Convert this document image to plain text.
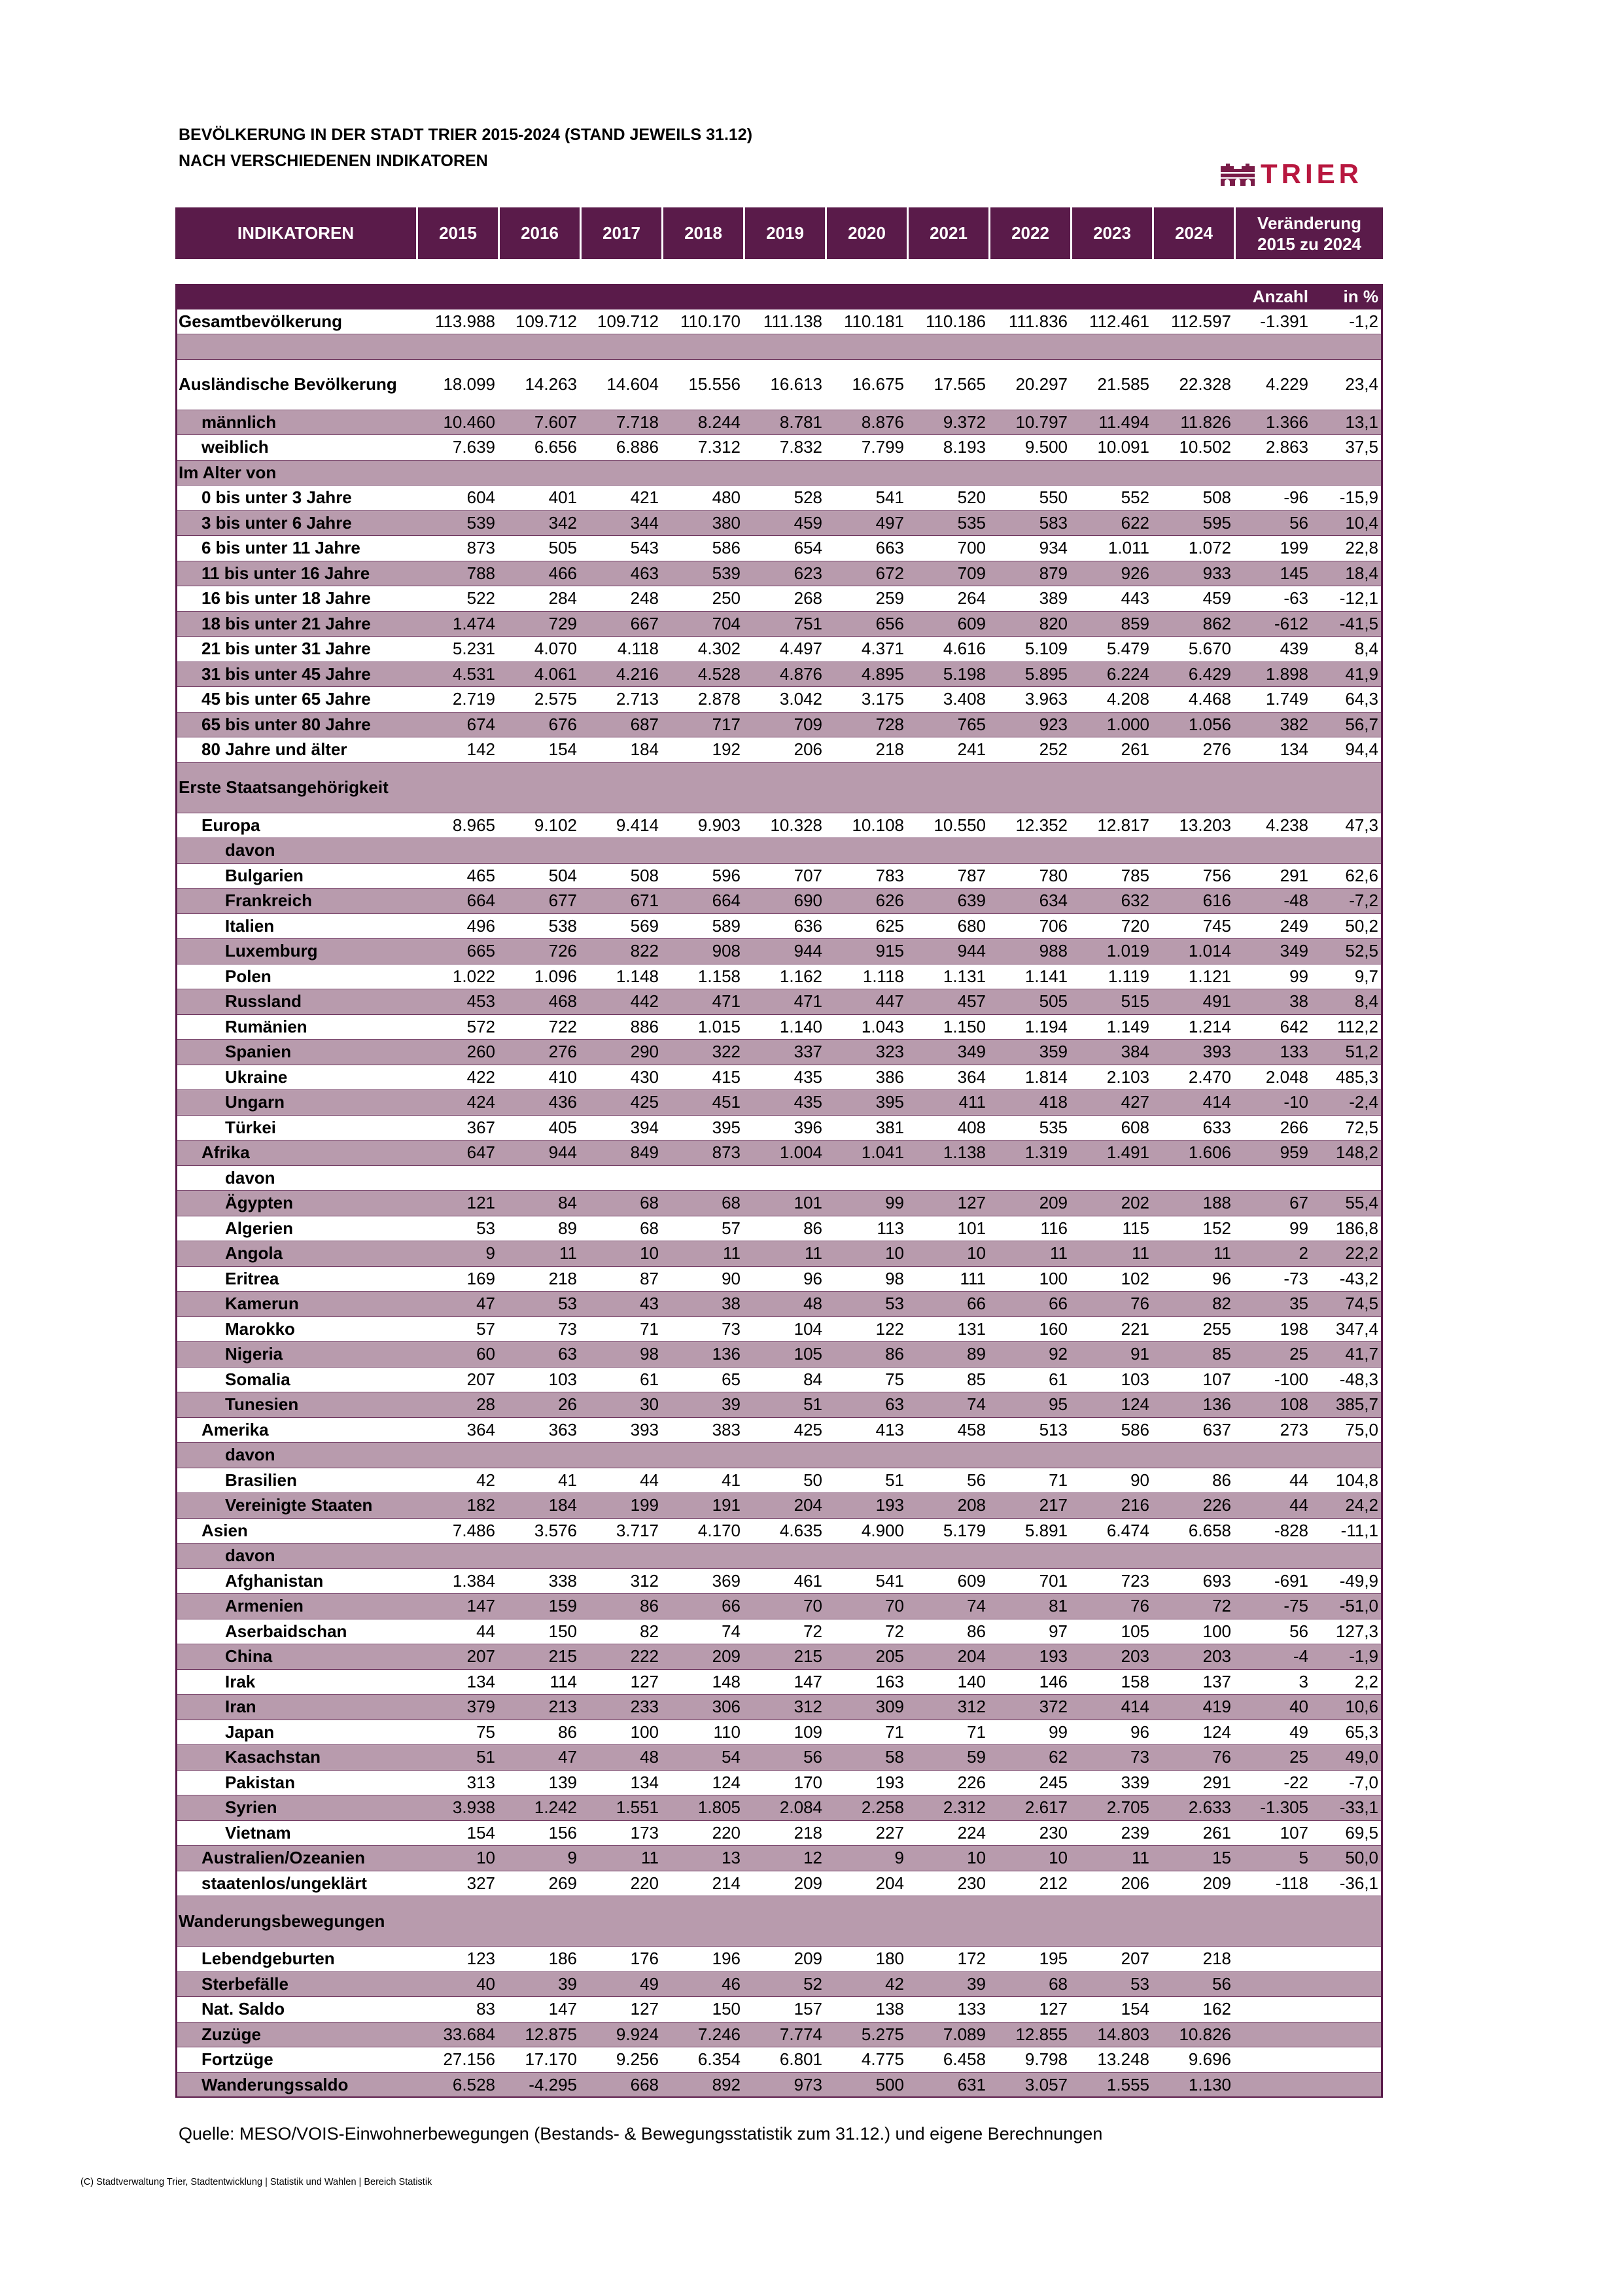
BEVÖLKERUNG IN DER STADT TRIER 2015-2024 (STAND JEWEILS 31.12)
NACH VERSCHIEDENEN INDIKATOREN	TRIER
INDIKATOREN	2015	2016	2017	2018	2019	2020	2021	2022	2023	2024
Veränderung
2015 zu 2024
Anzahl	in %
Gesamtbevölkerung	113.988	109.712	109.712	110.170	111.138	110.181	110.186	111.836	112.461	112.597	-1.391	-1,2
Ausländische Bevölkerung	18.099	14.263	14.604	15.556	16.613	16.675	17.565	20.297	21.585	22.328	4.229	23,4
männlich	10.460	7.607	7.718	8.244	8.781	8.876	9.372	10.797	11.494	11.826	1.366	13,1
weiblich	7.639	6.656	6.886	7.312	7.832	7.799	8.193	9.500	10.091	10.502	2.863	37,5
Im Alter von
0 bis unter 3 Jahre	604	401	421	480	528	541	520	550	552	508	-96	-15,9
3 bis unter 6 Jahre	539	342	344	380	459	497	535	583	622	595	56	10,4
6 bis unter 11 Jahre	873	505	543	586	654	663	700	934	1.011	1.072	199	22,8
11 bis unter 16 Jahre	788	466	463	539	623	672	709	879	926	933	145	18,4
16 bis unter 18 Jahre	522	284	248	250	268	259	264	389	443	459	-63	-12,1
18 bis unter 21 Jahre	1.474	729	667	704	751	656	609	820	859	862	-612	-41,5
21 bis unter 31 Jahre	5.231	4.070	4.118	4.302	4.497	4.371	4.616	5.109	5.479	5.670	439	8,4
31 bis unter 45 Jahre	4.531	4.061	4.216	4.528	4.876	4.895	5.198	5.895	6.224	6.429	1.898	41,9
45 bis unter 65 Jahre	2.719	2.575	2.713	2.878	3.042	3.175	3.408	3.963	4.208	4.468	1.749	64,3
65 bis unter 80 Jahre	674	676	687	717	709	728	765	923	1.000	1.056	382	56,7
80 Jahre und älter	142	154	184	192	206	218	241	252	261	276	134	94,4
Erste Staatsangehörigkeit
Europa	8.965	9.102	9.414	9.903	10.328	10.108	10.550	12.352	12.817	13.203	4.238	47,3
davon
Bulgarien	465	504	508	596	707	783	787	780	785	756	291	62,6
Frankreich	664	677	671	664	690	626	639	634	632	616	-48	-7,2
Italien	496	538	569	589	636	625	680	706	720	745	249	50,2
Luxemburg	665	726	822	908	944	915	944	988	1.019	1.014	349	52,5
Polen	1.022	1.096	1.148	1.158	1.162	1.118	1.131	1.141	1.119	1.121	99	9,7
Russland	453	468	442	471	471	447	457	505	515	491	38	8,4
Rumänien	572	722	886	1.015	1.140	1.043	1.150	1.194	1.149	1.214	642	112,2
Spanien	260	276	290	322	337	323	349	359	384	393	133	51,2
Ukraine	422	410	430	415	435	386	364	1.814	2.103	2.470	2.048	485,3
Ungarn	424	436	425	451	435	395	411	418	427	414	-10	-2,4
Türkei	367	405	394	395	396	381	408	535	608	633	266	72,5
Afrika	647	944	849	873	1.004	1.041	1.138	1.319	1.491	1.606	959	148,2
davon
Ägypten	121	84	68	68	101	99	127	209	202	188	67	55,4
Algerien	53	89	68	57	86	113	101	116	115	152	99	186,8
Angola	9	11	10	11	11	10	10	11	11	11	2	22,2
Eritrea	169	218	87	90	96	98	111	100	102	96	-73	-43,2
Kamerun	47	53	43	38	48	53	66	66	76	82	35	74,5
Marokko	57	73	71	73	104	122	131	160	221	255	198	347,4
Nigeria	60	63	98	136	105	86	89	92	91	85	25	41,7
Somalia	207	103	61	65	84	75	85	61	103	107	-100	-48,3
Tunesien	28	26	30	39	51	63	74	95	124	136	108	385,7
Amerika	364	363	393	383	425	413	458	513	586	637	273	75,0
davon
Brasilien	42	41	44	41	50	51	56	71	90	86	44	104,8
Vereinigte Staaten	182	184	199	191	204	193	208	217	216	226	44	24,2
Asien	7.486	3.576	3.717	4.170	4.635	4.900	5.179	5.891	6.474	6.658	-828	-11,1
davon
Afghanistan	1.384	338	312	369	461	541	609	701	723	693	-691	-49,9
Armenien	147	159	86	66	70	70	74	81	76	72	-75	-51,0
Aserbaidschan	44	150	82	74	72	72	86	97	105	100	56	127,3
China	207	215	222	209	215	205	204	193	203	203	-4	-1,9
Irak	134	114	127	148	147	163	140	146	158	137	3	2,2
Iran	379	213	233	306	312	309	312	372	414	419	40	10,6
Japan	75	86	100	110	109	71	71	99	96	124	49	65,3
Kasachstan	51	47	48	54	56	58	59	62	73	76	25	49,0
Pakistan	313	139	134	124	170	193	226	245	339	291	-22	-7,0
Syrien	3.938	1.242	1.551	1.805	2.084	2.258	2.312	2.617	2.705	2.633	-1.305	-33,1
Vietnam	154	156	173	220	218	227	224	230	239	261	107	69,5
Australien/Ozeanien	10	9	11	13	12	9	10	10	11	15	5	50,0
staatenlos/ungeklärt	327	269	220	214	209	204	230	212	206	209	-118	-36,1
Wanderungsbewegungen
Lebendgeburten	123	186	176	196	209	180	172	195	207	218
Sterbefälle	40	39	49	46	52	42	39	68	53	56
Nat. Saldo	83	147	127	150	157	138	133	127	154	162
Zuzüge	33.684	12.875	9.924	7.246	7.774	5.275	7.089	12.855	14.803	10.826
Fortzüge	27.156	17.170	9.256	6.354	6.801	4.775	6.458	9.798	13.248	9.696
Wanderungssaldo	6.528	-4.295	668	892	973	500	631	3.057	1.555	1.130
Quelle: MESO/VOIS-Einwohnerbewegungen (Bestands- & Bewegungsstatistik zum 31.12.) und eigene Berechnungen
(C) Stadtverwaltung Trier, Stadtentwicklung | Statistik und Wahlen | Bereich Statistik
